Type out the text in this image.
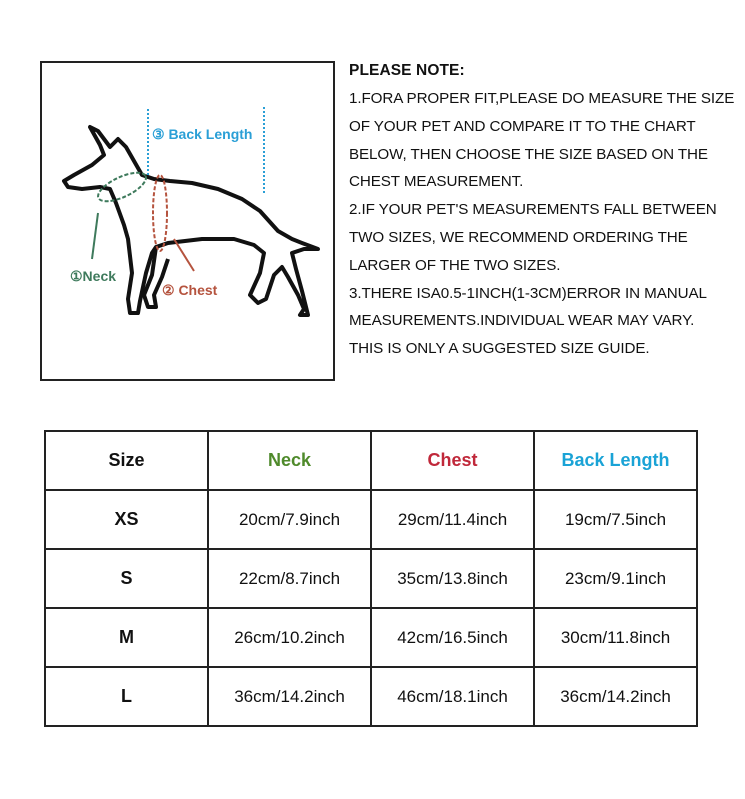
①Neck
② Chest
③ Back Length
PLEASE NOTE:
1.FORA PROPER FIT,PLEASE DO MEASURE THE SIZE
OF YOUR PET AND COMPARE IT TO THE CHART
BELOW, THEN CHOOSE THE SIZE BASED ON THE
CHEST MEASUREMENT.
2.IF YOUR PET'S MEASUREMENTS FALL BETWEEN
TWO SIZES, WE RECOMMEND ORDERING THE
LARGER OF THE TWO SIZES.
3.THERE ISA0.5-1INCH(1-3CM)ERROR IN MANUAL
MEASUREMENTS.INDIVIDUAL WEAR MAY VARY.
THIS IS ONLY A SUGGESTED SIZE GUIDE.
Size	Neck	Chest	Back Length
XS	20cm/7.9inch	29cm/11.4inch	19cm/7.5inch
S	22cm/8.7inch	35cm/13.8inch	23cm/9.1inch
M	26cm/10.2inch	42cm/16.5inch	30cm/11.8inch
L	36cm/14.2inch	46cm/18.1inch	36cm/14.2inch
